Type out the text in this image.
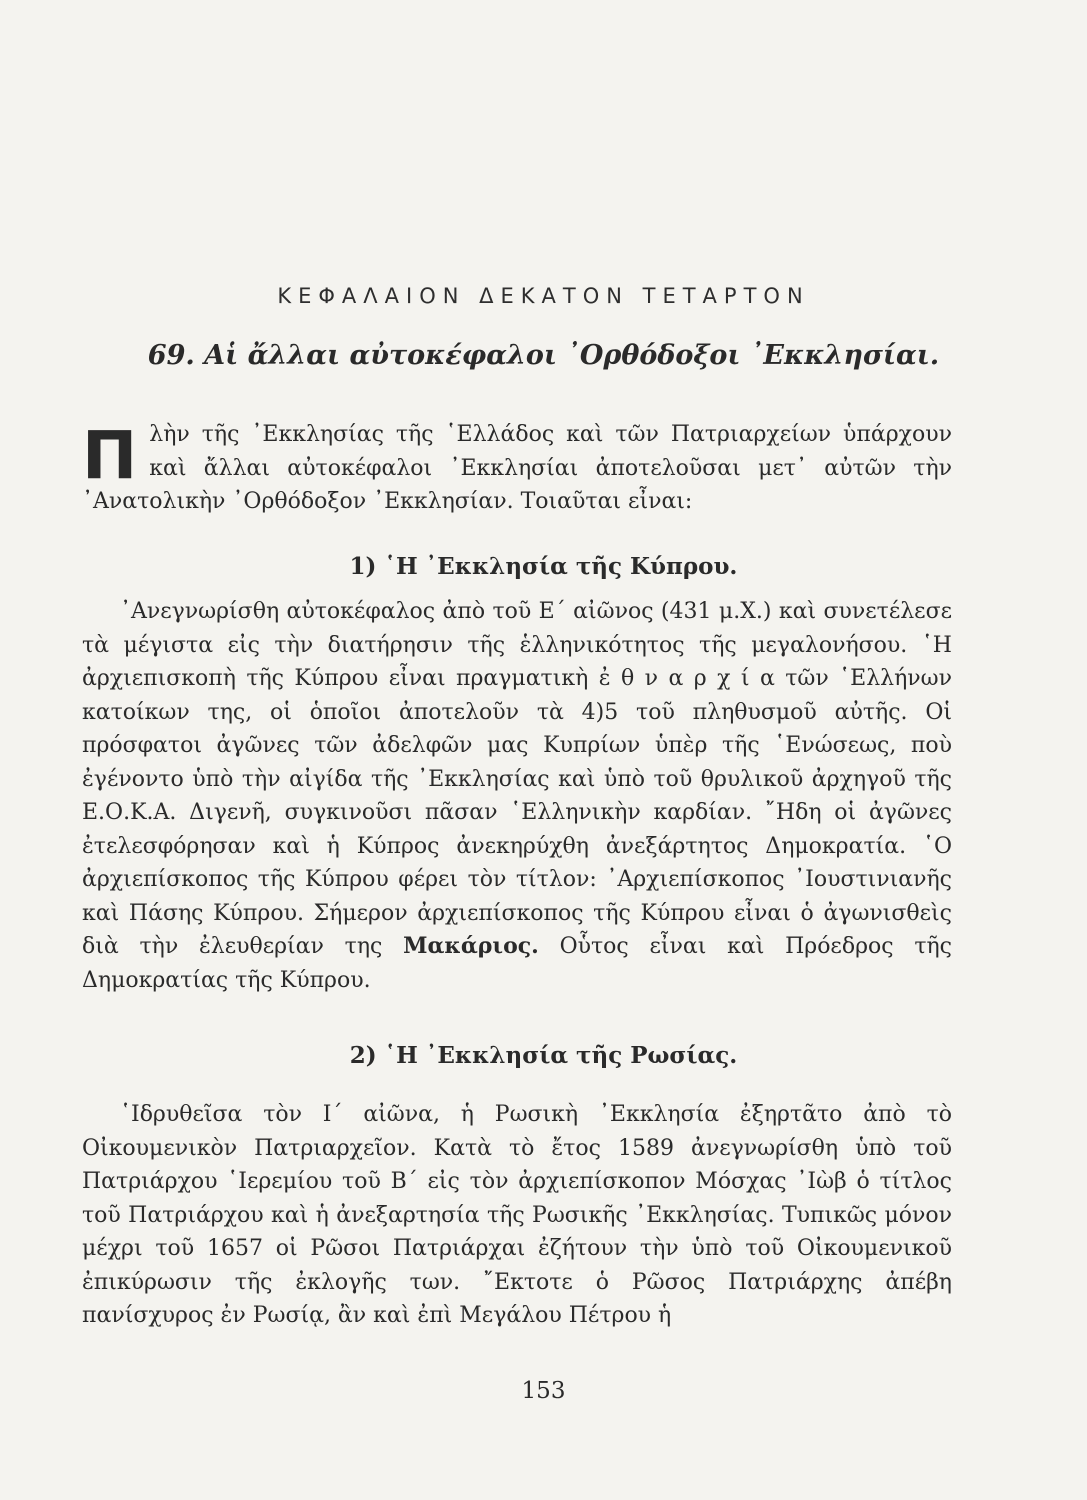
ΚΕΦΑΛΑΙΟΝ ΔΕΚΑΤΟΝ ΤΕΤΑΡΤΟΝ
69. Αἱ ἄλλαι αὐτοκέφαλοι ᾿Ορθόδοξοι ᾿Εκκλησίαι.
Πλὴν τῆς ᾿Εκκλησίας τῆς ῾Ελλάδος καὶ τῶν Πατριαρχείων ὑπάρχουν καὶ ἄλλαι αὐτοκέφαλοι ᾿Εκκλησίαι ἀποτελοῦσαι μετ᾿ αὐτῶν τὴν ᾿Ανατολικὴν ᾿Ορθόδοξον ᾿Εκκλησίαν. Τοιαῦται εἶναι:
1) ῾Η ᾿Εκκλησία τῆς Κύπρου.
᾿Ανεγνωρίσθη αὐτοκέφαλος ἀπὸ τοῦ Ε´ αἰῶνος (431 μ.Χ.) καὶ συνετέλεσε τὰ μέγιστα εἰς τὴν διατήρησιν τῆς ἑλληνικότητος τῆς μεγαλονήσου. ῾Η ἀρχιεπισκοπὴ τῆς Κύπρου εἶναι πραγματικὴ ἐ θ ν α ρ χ ί α τῶν ῾Ελλήνων κατοίκων της, οἱ ὁποῖοι ἀποτελοῦν τὰ 4)5 τοῦ πληθυσμοῦ αὐτῆς. Οἱ πρόσφατοι ἀγῶνες τῶν ἀδελφῶν μας Κυπρίων ὑπὲρ τῆς ῾Ενώσεως, ποὺ ἐγένοντο ὑπὸ τὴν αἰγίδα τῆς ᾿Εκκλησίας καὶ ὑπὸ τοῦ θρυλικοῦ ἀρχηγοῦ τῆς Ε.Ο.Κ.Α. Διγενῆ, συγκινοῦσι πᾶσαν ῾Ελληνικὴν καρδίαν. ῎Ηδη οἱ ἀγῶνες ἐτελεσφόρησαν καὶ ἡ Κύπρος ἀνεκηρύχθη ἀνεξάρτητος Δημοκρατία. ῾Ο ἀρχιεπίσκοπος τῆς Κύπρου φέρει τὸν τίτλον: ᾿Αρχιεπίσκοπος ᾿Ιουστινιανῆς καὶ Πάσης Κύπρου. Σήμερον ἀρχιεπίσκοπος τῆς Κύπρου εἶναι ὁ ἀγωνισθεὶς διὰ τὴν ἐλευθερίαν της Μακάριος. Οὗτος εἶναι καὶ Πρόεδρος τῆς Δημοκρατίας τῆς Κύπρου.
2) ῾Η ᾿Εκκλησία τῆς Ρωσίας.
῾Ιδρυθεῖσα τὸν Ι´ αἰῶνα, ἡ Ρωσικὴ ᾿Εκκλησία ἐξηρτᾶτο ἀπὸ τὸ Οἰκουμενικὸν Πατριαρχεῖον. Κατὰ τὸ ἔτος 1589 ἀνεγνωρίσθη ὑπὸ τοῦ Πατριάρχου ῾Ιερεμίου τοῦ Β´ εἰς τὸν ἀρχιεπίσκοπον Μόσχας ᾿Ιὼβ ὁ τίτλος τοῦ Πατριάρχου καὶ ἡ ἀνεξαρτησία τῆς Ρωσικῆς ᾿Εκκλησίας. Τυπικῶς μόνον μέχρι τοῦ 1657 οἱ Ρῶσοι Πατριάρχαι ἐζήτουν τὴν ὑπὸ τοῦ Οἰκουμενικοῦ ἐπικύρωσιν τῆς ἐκλογῆς των. ῎Εκτοτε ὁ Ρῶσος Πατριάρχης ἀπέβη πανίσχυρος ἐν Ρωσίᾳ, ἂν καὶ ἐπὶ Μεγάλου Πέτρου ἡ
153
